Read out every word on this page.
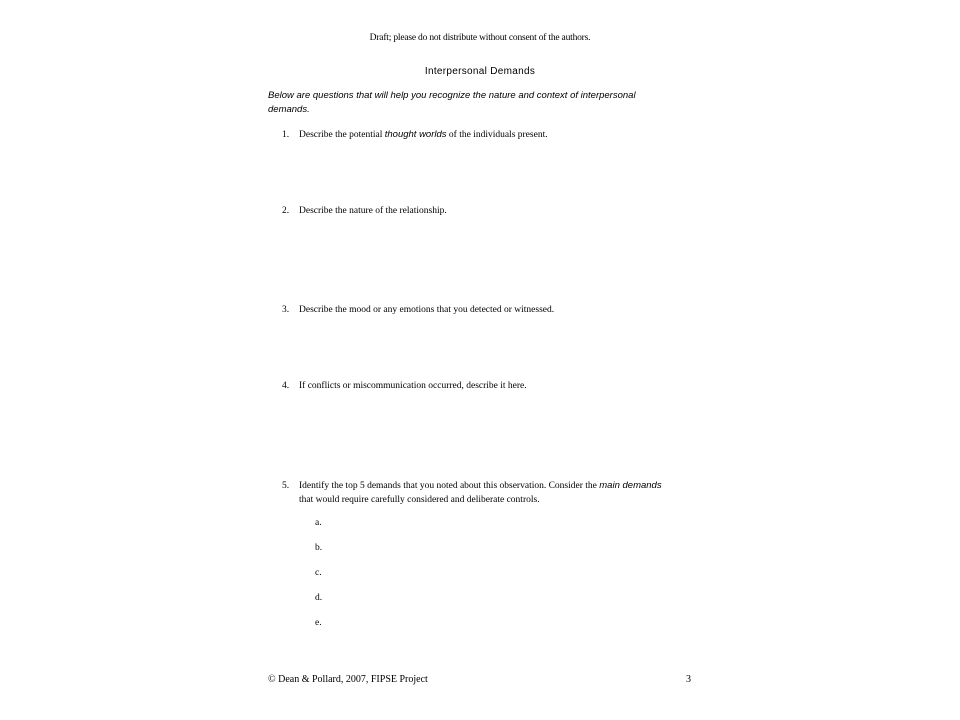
Draft; please do not distribute without consent of the authors.
Interpersonal Demands
Below are questions that will help you recognize the nature and context of interpersonal demands.
1. Describe the potential thought worlds of the individuals present.
2. Describe the nature of the relationship.
3. Describe the mood or any emotions that you detected or witnessed.
4. If conflicts or miscommunication occurred, describe it here.
5. Identify the top 5 demands that you noted about this observation. Consider the main demands that would require carefully considered and deliberate controls.
a.
b.
c.
d.
e.
© Dean & Pollard, 2007, FIPSE Project	3
